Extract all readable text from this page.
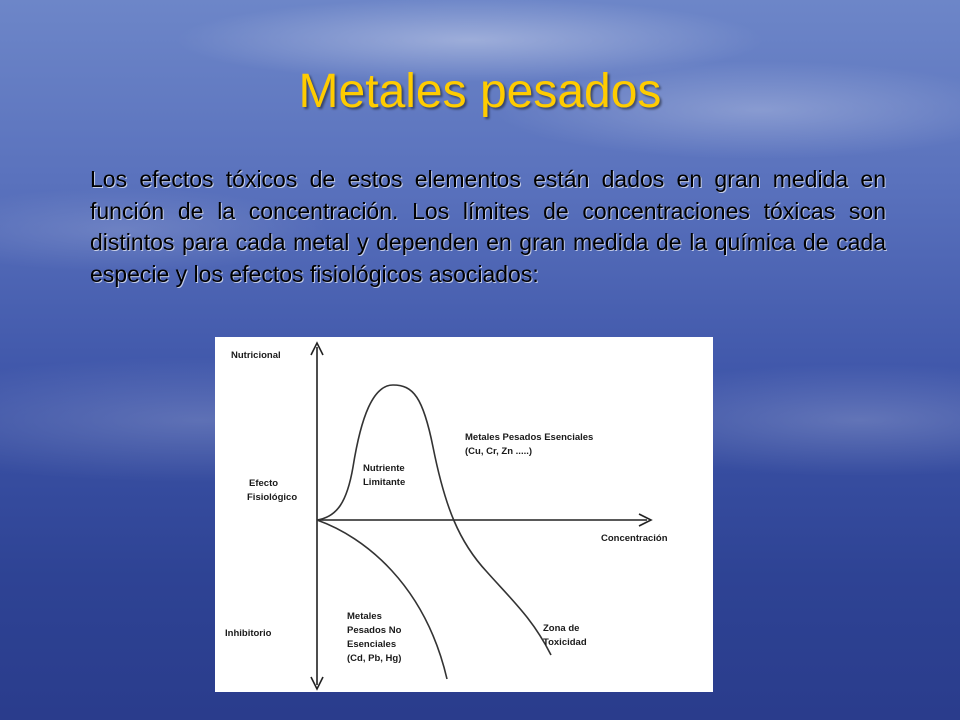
Metales pesados
Los efectos tóxicos de estos elementos están dados en gran medida en función de la concentración. Los límites de concentraciones tóxicas son distintos para cada metal y dependen en gran medida de la química de cada especie y los efectos fisiológicos asociados:
Nutricional
Efecto
Fisiológico
Inhibitorio
Concentración
Metales Pesados Esenciales
(Cu, Cr, Zn .....)
Nutriente
Limitante
Metales
Pesados No
Esenciales
(Cd, Pb, Hg)
Zona de
Toxicidad
